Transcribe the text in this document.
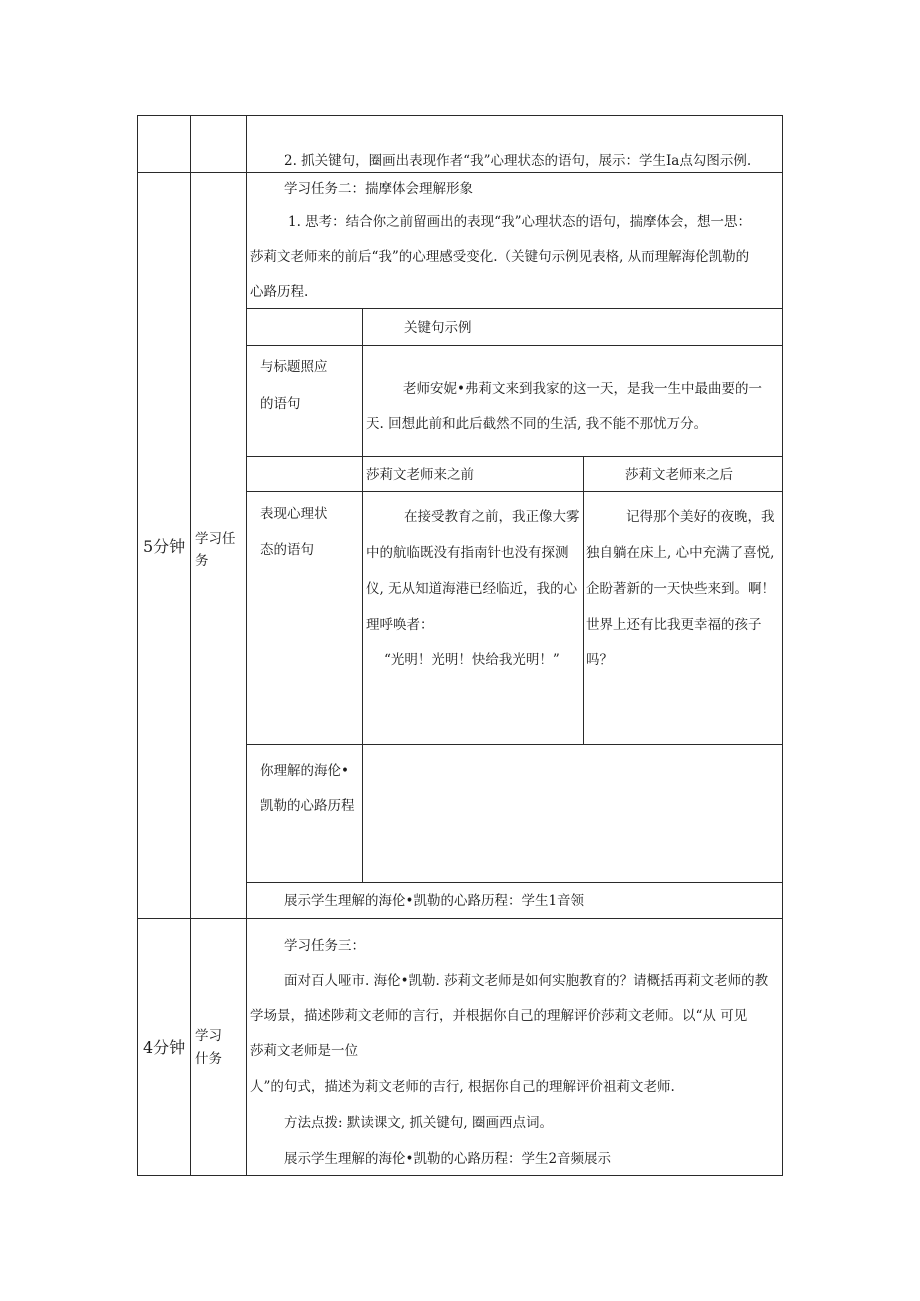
2. 抓关键句，圈画出表现作者“我”心理状态的语句，展示：学生Ia点勾图示例.
5分钟 学习任
务
学习任务二：揣摩体会理解形象
1. 思考：结合你之前留画出的表现“我”心理状态的语句，揣摩体会，想一思：
莎莉文老师来的前后“我”的心理感受变化.（关键句示例见表格, 从而理解海伦凯勒的
心路历程.
关键句示例
与标题照应
的语句
老师安妮•弗莉文来到我家的这一天，是我一生中最曲要的一
天. 回想此前和此后截然不同的生活, 我不能不那忧万分。
莎莉文老师来之前	莎莉文老师来之后
表现心理状
态的语句
在接受教育之前，我正像大雾
中的航临既没有指南针也没有探测
仪, 无从知道海港已经临近，我的心
理呼唤者：
“光明！光明！快给我光明！”
记得那个美好的夜晚，我
独自躺在床上, 心中充满了喜悦,
企盼著新的一天快些来到。啊！
世界上还有比我更幸福的孩子
吗？
你理解的海伦•
凯勒的心路历程
展示学生理解的海伦•凯勒的心路历程：学生1音领
4分钟
学习
什务
学习任务三：
面对百人哑市. 海伦•凯勒. 莎莉文老师是如何实胞教育的？请概括再莉文老师的教
学场景，描述陟莉文老师的言行，并根据你自己的理解评价莎莉文老师。以“从 可见
莎莉文老师是一位
人”的句式，描述为莉文老师的吉行, 根据你自己的理解评价祖莉文老师.
方法点拨: 默读课文, 抓关键句, 圈画西点词。
展示学生理解的海伦•凯勒的心路历程：学生2音频展示
